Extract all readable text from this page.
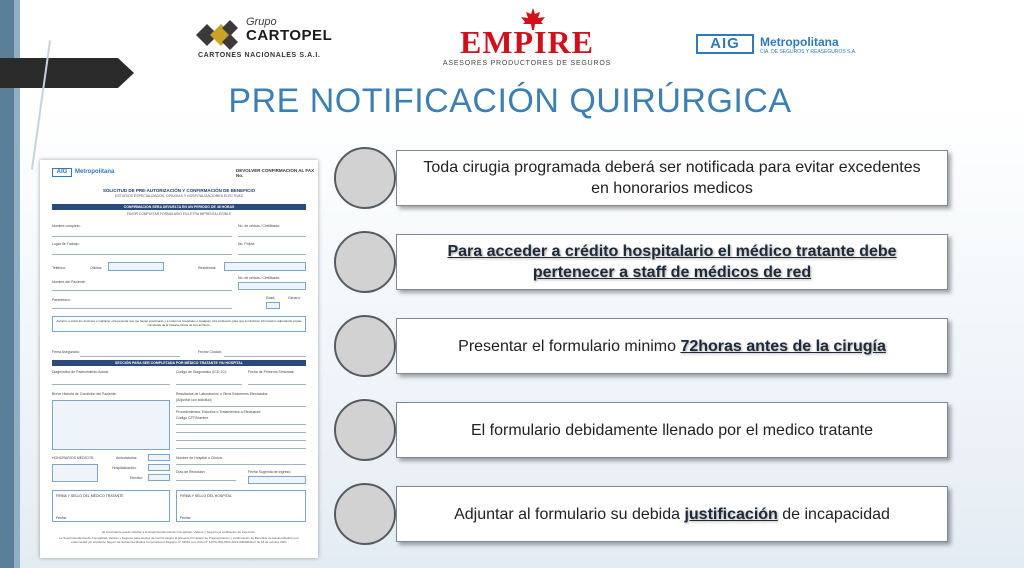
Grupo
CARTOPEL
CARTONES NACIONALES S.A.I.	EMPIRE
ASESORES PRODUCTORES DE SEGUROS
AIG	Metropolitana
CIA. DE SEGUROS Y REASEGUROS S.A.
PRE NOTIFICACIÓN QUIRÚRGICA
AIG	Metropolitana	DEVOLVER CONFIRMACION AL FAX No.
SOLICITUD DE PRE-AUTORIZACIÓN Y CONFIRMACIÓN DE BENEFICIO
ESTUDIOS ESPECIALIZADOS, CIRUGIAS Y HOSPITALIZACIONES ELECTIVAS
CONFIRMACION SERA DEVUELTA EN UN PERIODO DE 48 HORAS
FAVOR COMPLETAR FORMULARIO EN LETRA IMPRENTA LEGIBLE
Nombre completo:	No. de cédula / Certificado:
Lugar de Trabajo:	No. Póliza:
Teléfono:	Oficina:	Residencia:
Nombre del Paciente:
No. de cédula / Certificado:
Parentesco:	Edad:	Género:
Autorizo a todos los doctores o cualquier otra persona que me hayan examinado y a todos los hospitales o cualquier otra institución para que suministren información adjuntando copias completas de la historia clínica de sus archivos.
Firma Asegurado:	Fecha/ Ciudad:
SECCIÓN PARA SER COMPLETADA POR MÉDICO TRATANTE Y/U HOSPITAL
Diagnóstico de Padecimiento Actual:	Código de Diagnóstico (ICD-10):	Fecha de Primeros Síntomas:
Breve Historia de Condición del Paciente:	Resultados de Laboratorios u Otros Exámenes Efectuados:
(Adjuntar con solicitud)
Procedimientos, Estudios o Tratamientos a Efectuarse:
Código CPT/Nombre
HONORARIOS MÉDICOS:	Ambulatorios:
Hospitalización:
Electivo:
Nombre de Hospital o Clínica:
Días de Reclusión:	Fecha Sugerida de Ingreso:
FIRMA Y SELLO DEL MÉDICO TRATANTE
Fecha:
FIRMA Y SELLO DEL HOSPITAL
Fecha:
El Contratante puede solicitar a la Superintendencia de Compañías, Valores y Seguros la verificación de este texto.
La Superintendencia de Compañías, Valores y Seguros para efectos de control asignó al presente formulario de Preautorización y confirmación de Beneficio de Gastos Médicos por enfermedad y/o accidente Seguro de Asistencia Médica Corporativa el Registro N° 33993 con oficio N° SCVS-IRQ-DRS-2021-00003049-O de 18 de octubre 2021
Toda cirugia programada deberá ser notificada para evitar excedentes en honorarios medicos
Para acceder a crédito hospitalario el médico tratante debe pertenecer a staff de médicos de red
Presentar el formulario minimo 72horas antes de la cirugía
El formulario debidamente llenado por el medico tratante
Adjuntar al formulario su debida justificación de incapacidad
